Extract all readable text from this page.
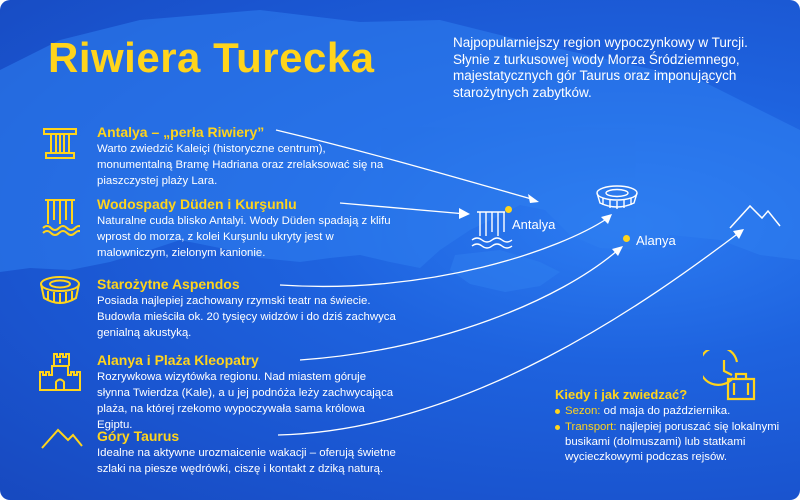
Riwiera Turecka	Najpopularniejszy region wypoczynkowy w Turcji. Słynie z turkusowej wody Morza Śródziemnego, majestatycznych gór Taurus oraz imponujących starożytnych zabytków.
Antalya – „perła Riwiery”
Warto zwiedzić Kaleiçi (historyczne centrum), monumentalną Bramę Hadriana oraz zrelaksować się na piaszczystej plaży Lara.
Wodospady Düden i Kurşunlu
Naturalne cuda blisko Antalyi. Wody Düden spadają z klifu wprost do morza, z kolei Kurşunlu ukryty jest w malowniczym, zielonym kanionie.
Starożytne Aspendos
Posiada najlepiej zachowany rzymski teatr na świecie. Budowla mieściła ok. 20 tysięcy widzów i do dziś zachwyca genialną akustyką.
Alanya i Plaża Kleopatry
Rozrywkowa wizytówka regionu. Nad miastem góruje słynna Twierdza (Kale), a u jej podnóża leży zachwycająca plaża, na której rzekomo wypoczywała sama królowa Egiptu.
Góry Taurus
Idealne na aktywne urozmaicenie wakacji – oferują świetne szlaki na piesze wędrówki, ciszę i kontakt z dziką naturą.
Antalya
Alanya
Kiedy i jak zwiedzać?
Sezon: od maja do października.
Transport: najlepiej poruszać się lokalnymi busikami (dolmuszami) lub statkami wycieczkowymi podczas rejsów.
